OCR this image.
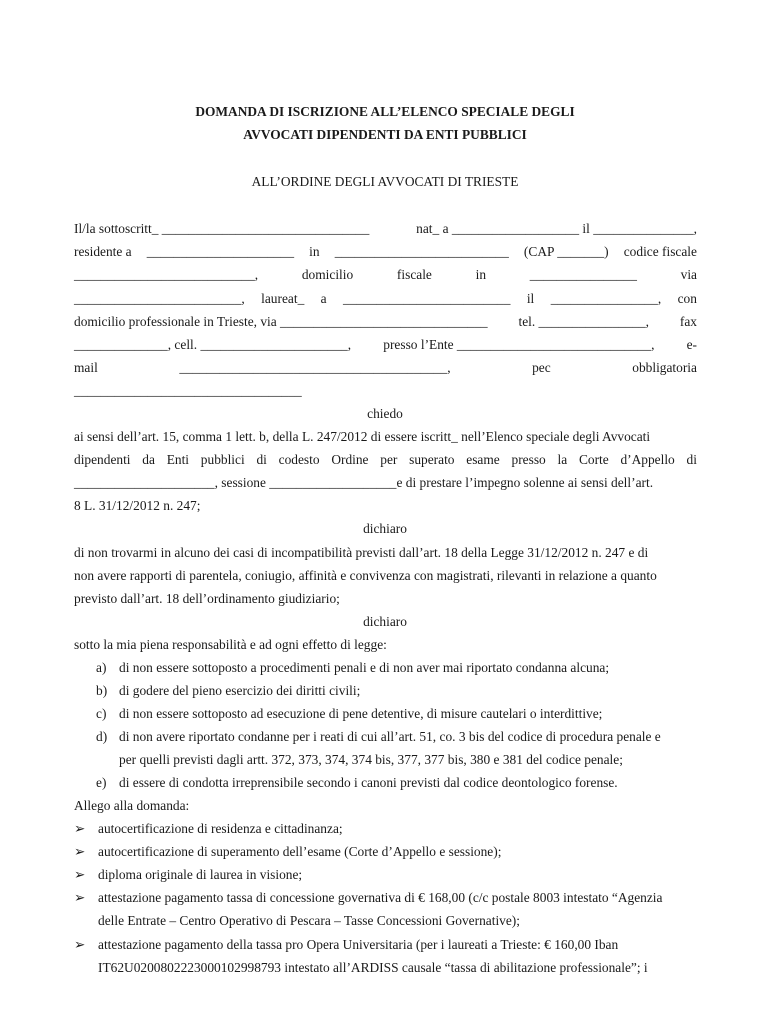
DOMANDA DI ISCRIZIONE ALL’ELENCO SPECIALE DEGLI
AVVOCATI DIPENDENTI DA ENTI PUBBLICI
ALL’ORDINE DEGLI AVVOCATI DI TRIESTE
Il/la sottoscritt_ _______________________________	nat_ a ___________________ il _______________,
residente a ______________________ in __________________________ (CAP _______) codice fiscale
___________________________,	domicilio	fiscale	in	________________	via
_________________________, laureat_ a _________________________ il ________________, con
domicilio professionale in Trieste, via _______________________________ tel. ________________, fax
______________, cell. ______________________, presso l’Ente _____________________________, e-
mail	________________________________________,	pec	obbligatoria
__________________________________
chiedo
ai sensi dell’art. 15, comma 1 lett. b, della L. 247/2012 di essere iscritt_ nell’Elenco speciale degli Avvocati
dipendenti da Enti pubblici di codesto Ordine per superato esame presso la Corte d’Appello di
_____________________, sessione ___________________e di prestare l’impegno solenne ai sensi dell’art.
8 L. 31/12/2012 n. 247;
dichiaro
di non trovarmi in alcuno dei casi di incompatibilità previsti dall’art. 18 della Legge 31/12/2012 n. 247 e di
non avere rapporti di parentela, coniugio, affinità e convivenza con magistrati, rilevanti in relazione a quanto
previsto dall’art. 18 dell’ordinamento giudiziario;
dichiaro
sotto la mia piena responsabilità e ad ogni effetto di legge:
a) di non essere sottoposto a procedimenti penali e di non aver mai riportato condanna alcuna;
b) di godere del pieno esercizio dei diritti civili;
c) di non essere sottoposto ad esecuzione di pene detentive, di misure cautelari o interdittive;
d) di non avere riportato condanne per i reati di cui all’art. 51, co. 3 bis del codice di procedura penale e
per quelli previsti dagli artt. 372, 373, 374, 374 bis, 377, 377 bis, 380 e 381 del codice penale;
e) di essere di condotta irreprensibile secondo i canoni previsti dal codice deontologico forense.
Allego alla domanda:
➢ autocertificazione di residenza e cittadinanza;
➢ autocertificazione di superamento dell’esame (Corte d’Appello e sessione);
➢ diploma originale di laurea in visione;
➢ attestazione pagamento tassa di concessione governativa di € 168,00 (c/c postale 8003 intestato “Agenzia
delle Entrate – Centro Operativo di Pescara – Tasse Concessioni Governative);
➢ attestazione pagamento della tassa pro Opera Universitaria (per i laureati a Trieste: € 160,00 Iban
IT62U0200802223000102998793 intestato all’ARDISS causale “tassa di abilitazione professionale”; i
